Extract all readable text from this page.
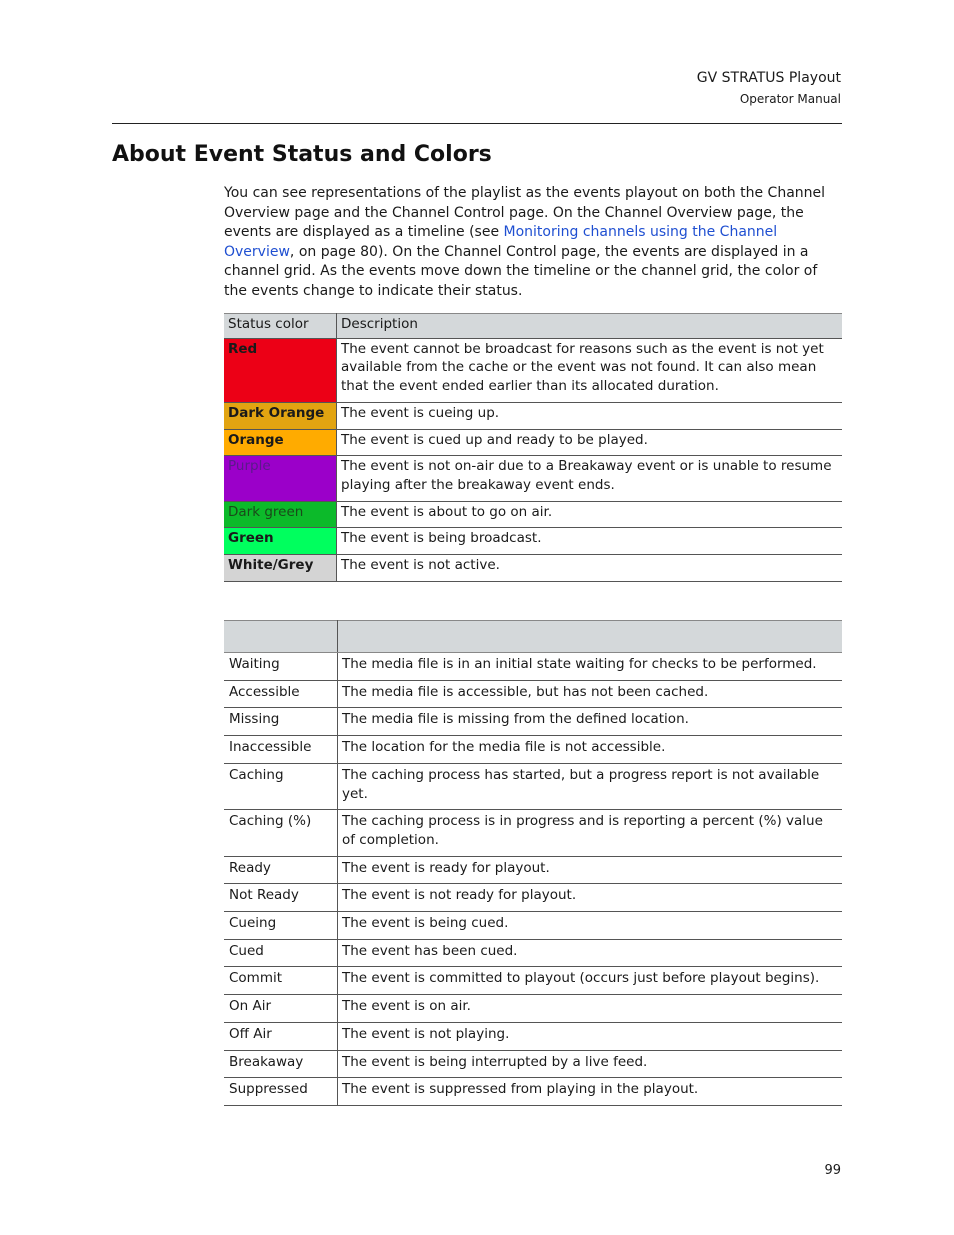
GV STRATUS Playout
Operator Manual
About Event Status and Colors

You can see representations of the playlist as the events playout on both the Channel Overview page and the Channel Control page. On the Channel Overview page, the events are displayed as a timeline (see Monitoring channels using the Channel Overview, on page 80). On the Channel Control page, the events are displayed in a channel grid. As the events move down the timeline or the channel grid, the color of the events change to indicate their status.

Status color	Description
Red	The event cannot be broadcast for reasons such as the event is not yet available from the cache or the event was not found. It can also mean that the event ended earlier than its allocated duration.
Dark Orange	The event is cueing up.
Orange	The event is cued up and ready to be played.
Purple	The event is not on-air due to a Breakaway event or is unable to resume playing after the breakaway event ends.
Dark green	The event is about to go on air.
Green	The event is being broadcast.
White/Grey	The event is not active.

Waiting	The media file is in an initial state waiting for checks to be performed.
Accessible	The media file is accessible, but has not been cached.
Missing	The media file is missing from the defined location.
Inaccessible	The location for the media file is not accessible.
Caching	The caching process has started, but a progress report is not available yet.
Caching (%)	The caching process is in progress and is reporting a percent (%) value of completion.
Ready	The event is ready for playout.
Not Ready	The event is not ready for playout.
Cueing	The event is being cued.
Cued	The event has been cued.
Commit	The event is committed to playout (occurs just before playout begins).
On Air	The event is on air.
Off Air	The event is not playing.
Breakaway	The event is being interrupted by a live feed.
Suppressed	The event is suppressed from playing in the playout.
99
